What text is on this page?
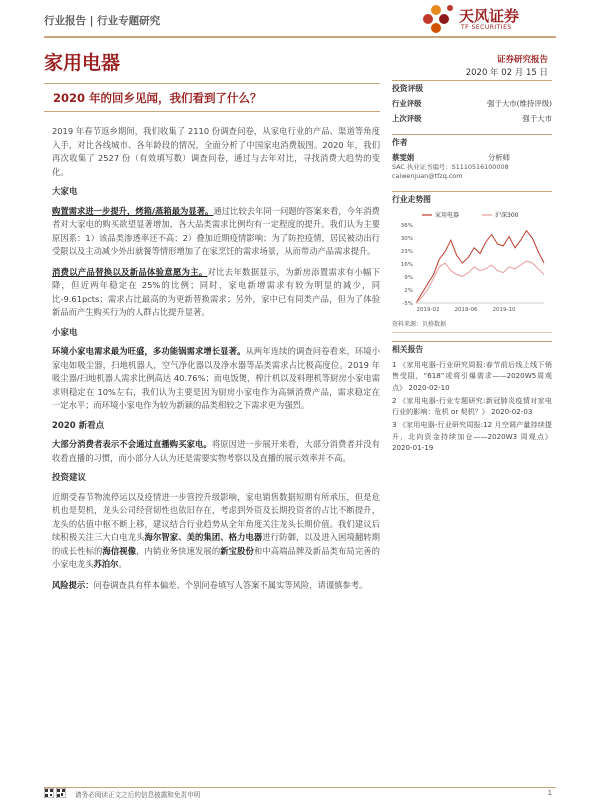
行业报告 | 行业专题研究	天风证券
TF SECURITIES
家用电器	证券研究报告
2020 年 02 月 15 日
2020 年的回乡见闻，我们看到了什么？

2019 年春节返乡期间，我们收集了 2110 份调查问卷，从家电行业的产品、渠道等角度入手，对比各线城市、各年龄段的情况，全面分析了中国家电消费版图。2020 年，我们再次收集了 2527 份（有效填写数）调查问卷，通过与去年对比，寻找消费大趋势的变化。

大家电

购置需求进一步提升，烤箱/蒸箱最为显著。通过比较去年同一问题的答案来看，今年消费者对大家电的购买欲望显著增加，各大品类需求比例均有一定程度的提升。我们认为主要原因系：1）该品类渗透率还不高；2）叠加近期疫情影响；为了防控疫情，居民被动出行受限以及主动减少外出就餐等情形增加了在家烹饪的需求场景，从而带动产品需求提升。

消费以产品替换以及新品体验意愿为主。对比去年数据显示，为新房添置需求有小幅下降，但近两年稳定在 25%的比例；同时，家电新增需求有较为明显的减少，同比-9.61pcts；需求占比最高的为更新替换需求；另外，家中已有同类产品，但为了体验新品而产生购买行为的人群占比提升显著。

小家电

环境小家电需求最为旺盛，多功能锅需求增长显著。从两年连续的调查问卷看来，环境小家电如吸尘器，扫地机器人，空气净化器以及净水器等品类需求占比极高度位。2019 年吸尘器/扫地机器人需求比例高达 40.76%；而电饭煲，榨汁机以及料理机等厨房小家电需求则稳定在 10%左右，我们认为主要是因为厨房小家电作为高频消费产品，需求稳定在一定水平；而环境小家电作为较为新颖的品类相较之下需求更为强烈。

2020 新看点

大部分消费者表示不会通过直播购买家电。将原因进一步展开来看，大部分消费者并没有收看直播的习惯，而小部分人认为还是需要实物考察以及直播的展示效率并不高。

投资建议

近期受春节物流停运以及疫情进一步管控升级影响，家电销售数据短期有所承压，但是危机也是契机，龙头公司经营韧性也依旧存在，考虑到外资及长期投资者的占比不断提升，龙头的估值中枢不断上移，建议结合行业趋势从全年角度关注龙头长期价值。我们建议后续积极关注三大白电龙头海尔智家、美的集团、格力电器进行防御，以及进入困境翻转期的成长性标的海信视像，内销业务快速发展的新宝股份和中高端品牌及新品类布局完善的小家电龙头苏泊尔。

风险提示：问卷调查具有样本偏差、个别问卷填写人答案不属实等风险，请谨慎参考。

投资评级
行业评级	强于大市(维持评级)
上次评级	强于大市
作者
蔡雯娟	分析师
SAC 执业证书编号：S1110516100008
caiwenjuan@tfzq.com
行业走势图
-5%
2%
9%
16%
23%
30%
36%
2019-02	2019-06	2019-10
家用电器	沪深300
资料来源：贝格数据
相关报告
1 《家用电器-行业研究周报:春节前后线上线下销售受阻，“618”或将引爆需求——2020W5周观点》 2020-02-10
2 《家用电器-行业专题研究:新冠肺炎疫情对家电行业的影响：危机 or 契机？》 2020-02-03
3 《家用电器-行业研究周报:12 月空调产量持续提升，北向资金持续加仓——2020W3 周观点》 2020-01-19
请务必阅读正文之后的信息披露和免责申明	1
